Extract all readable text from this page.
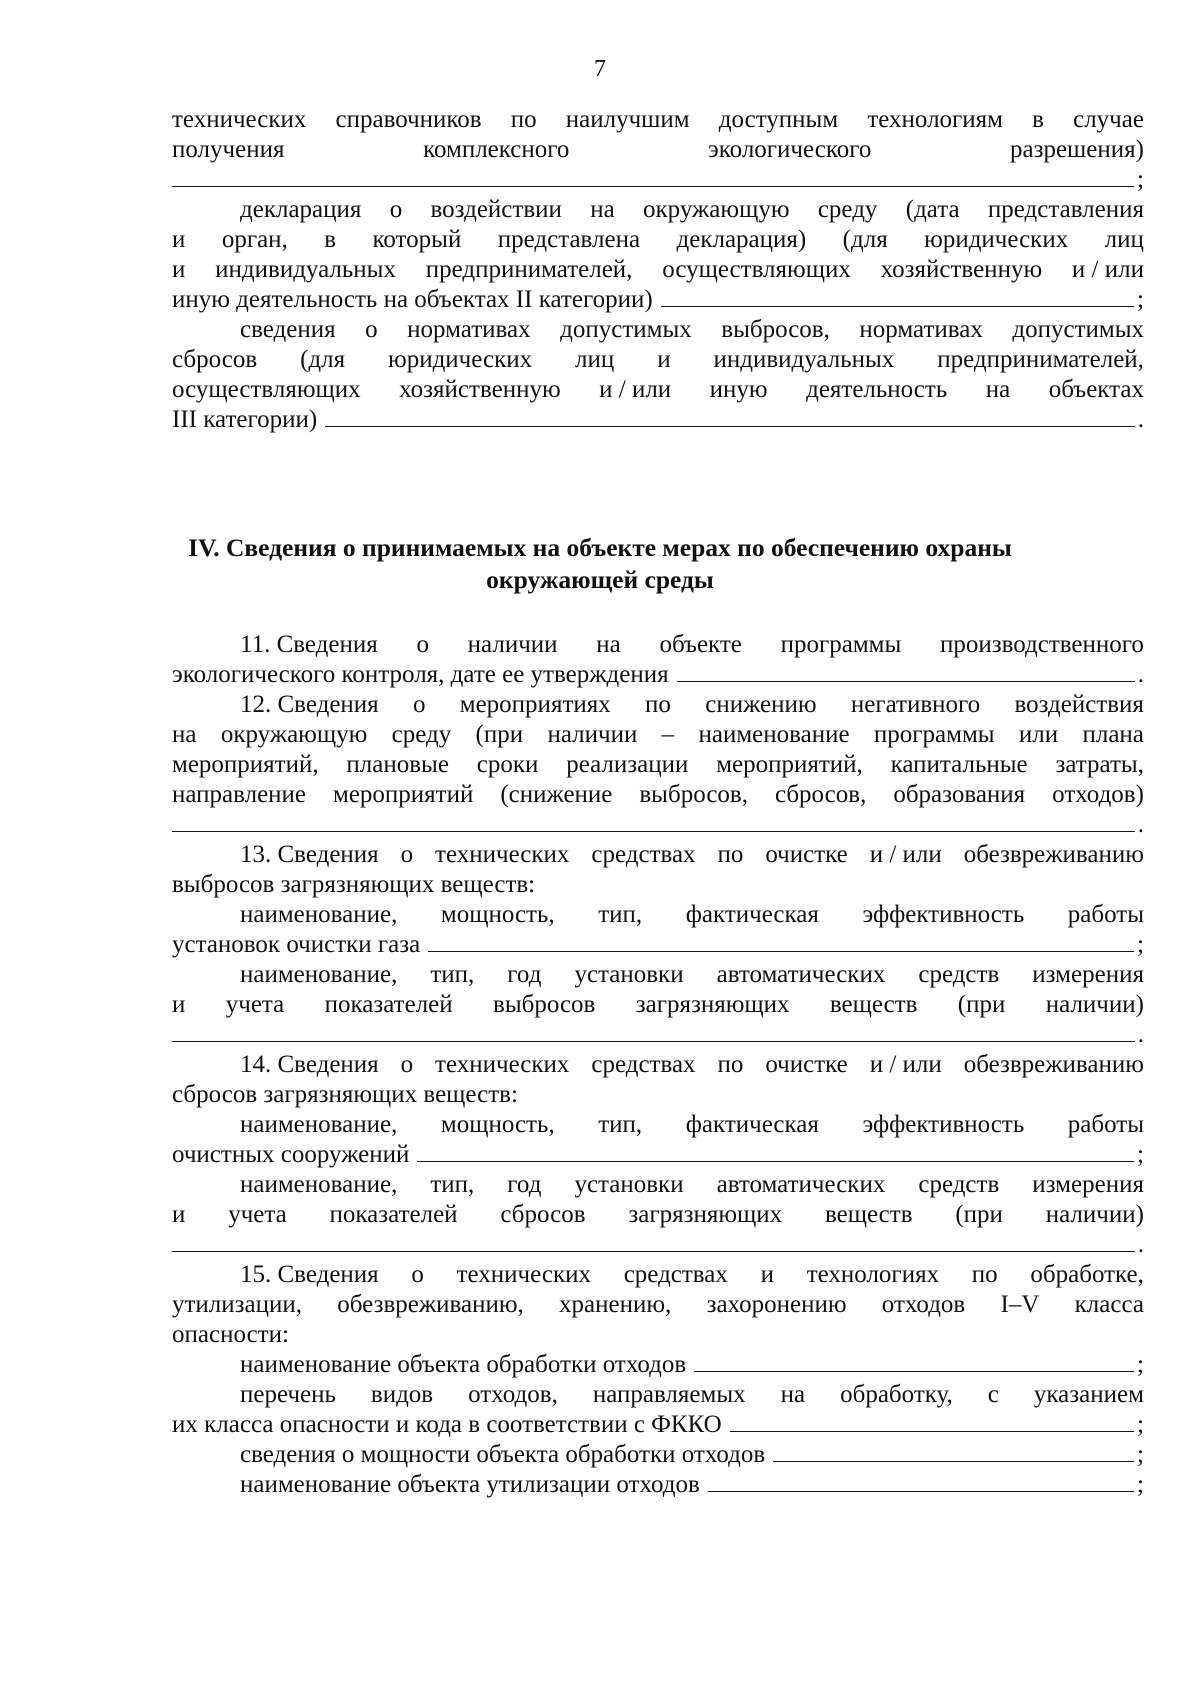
7
технических справочников по наилучшим доступным технологиям в случае
получения	комплексного	экологического	разрешения)
;
декларация о воздействии на окружающую среду (дата представления
и орган, в который представлена декларация) (для юридических лиц
и индивидуальных предпринимателей, осуществляющих хозяйственную и / или
иную деятельность на объектах II категории)	;
сведения о нормативах допустимых выбросов, нормативах допустимых
сбросов (для юридических лиц и индивидуальных предпринимателей,
осуществляющих хозяйственную и / или иную деятельность на объектах
III категории)	.
IV. Сведения о принимаемых на объекте мерах по обеспечению охраны
окружающей среды
11. Сведения о наличии на объекте программы производственного
экологического контроля, дате ее утверждения	.
12. Сведения о мероприятиях по снижению негативного воздействия
на окружающую среду (при наличии – наименование программы или плана
мероприятий, плановые сроки реализации мероприятий, капитальные затраты,
направление мероприятий (снижение выбросов, сбросов, образования отходов)
.
13. Сведения о технических средствах по очистке и / или обезвреживанию
выбросов загрязняющих веществ:
наименование, мощность, тип, фактическая эффективность работы
установок очистки газа	;
наименование, тип, год установки автоматических средств измерения
и учета показателей выбросов загрязняющих веществ (при наличии)
.
14. Сведения о технических средствах по очистке и / или обезвреживанию
сбросов загрязняющих веществ:
наименование, мощность, тип, фактическая эффективность работы
очистных сооружений	;
наименование, тип, год установки автоматических средств измерения
и учета показателей сбросов загрязняющих веществ (при наличии)
.
15. Сведения о технических средствах и технологиях по обработке,
утилизации, обезвреживанию, хранению, захоронению отходов I–V класса
опасности:
наименование объекта обработки отходов	;
перечень видов отходов, направляемых на обработку, с указанием
их класса опасности и кода в соответствии с ФККО	;
сведения о мощности объекта обработки отходов	;
наименование объекта утилизации отходов	;
